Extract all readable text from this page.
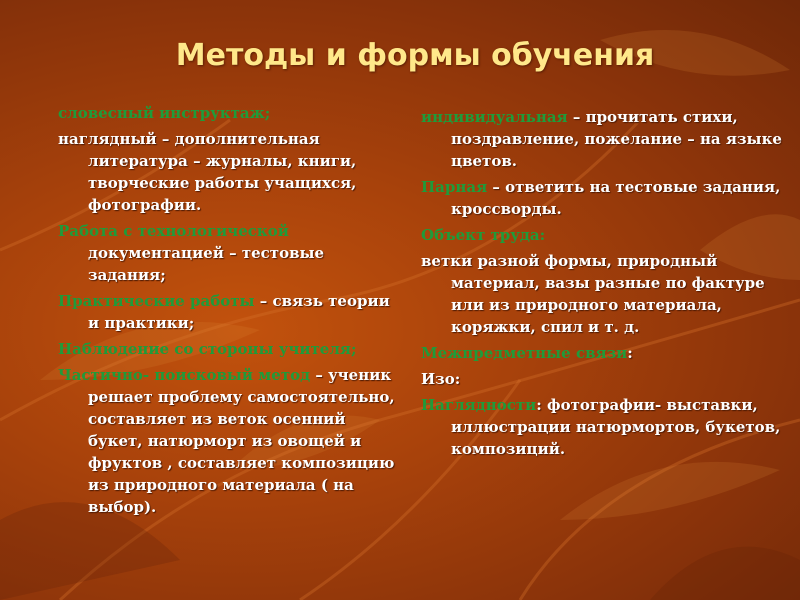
Методы и формы обучения

словесный инструктаж;

наглядный – дополнительная литература – журналы, книги, творческие работы учащихся, фотографии.

Работа с технологической документацией – тестовые задания;

Практические работы – связь теории и практики;

Наблюдение со стороны учителя;

Частично- поисковый метод – ученик решает проблему самостоятельно, составляет из веток осенний букет, натюрморт из овощей и фруктов , составляет композицию из природного материала ( на выбор).

индивидуальная – прочитать стихи, поздравление, пожелание – на языке цветов.

Парная – ответить на тестовые задания, кроссворды.

Объект труда:

ветки разной формы, природный материал, вазы разные по фактуре или из природного материала, коряжки, спил и т. д.

Межпредметные связи:

Изо:

Наглядности: фотографии- выставки, иллюстрации натюрмортов, букетов, композиций.
